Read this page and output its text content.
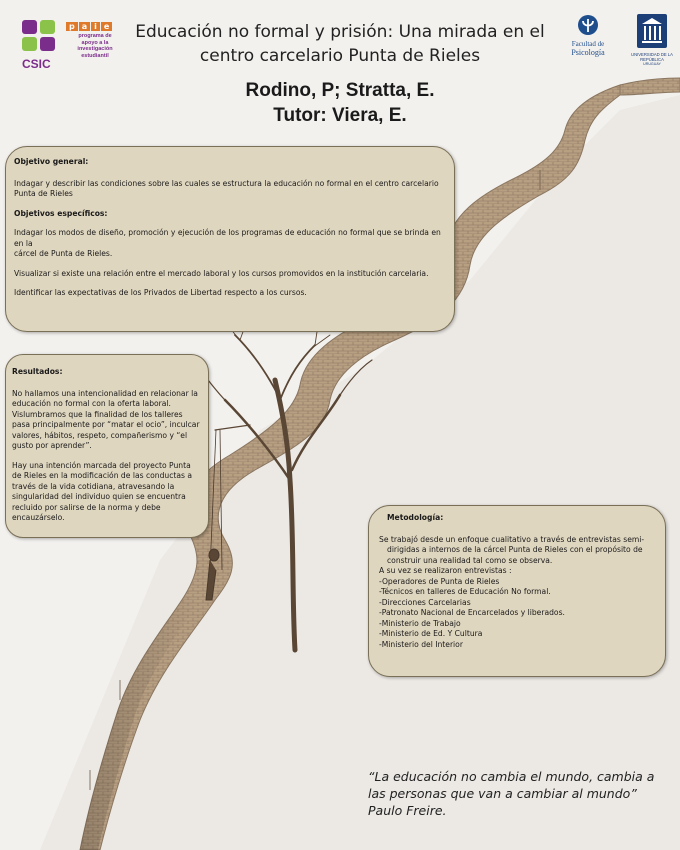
CSIC
p a i e
programa de
apoyo a la
investigación
estudiantil
Facultad de
Psicología	UNIVERSIDAD DE LA REPÚBLICA
URUGUAY
Educación no formal y prisión: Una mirada en el
centro carcelario Punta de Rieles
Rodino, P; Stratta, E.
Tutor: Viera, E.

Objetivo general:

Indagar y describir las condiciones sobre las cuales se estructura la educación no formal en el centro carcelario Punta de Rieles

Objetivos específicos:

Indagar los modos de diseño, promoción y ejecución de los programas de educación no formal que se brinda en en la

cárcel de Punta de Rieles.

Visualizar si existe una relación entre el mercado laboral y los cursos promovidos en la institución carcelaria.

Identificar las expectativas de los Privados de Libertad respecto a los cursos.

Resultados:

No hallamos una intencionalidad en relacionar la educación no formal con la oferta laboral. Vislumbramos que la finalidad de los talleres pasa principalmente por “matar el ocio”, inculcar valores, hábitos, respeto, compañerismo y “el gusto por aprender”.

Hay una intención marcada del proyecto Punta de Rieles en la modificación de las conductas a través de la vida cotidiana, atravesando la singularidad del individuo quien se encuentra recluido por salirse de la norma y debe encauzárselo.	Metodología:

Se trabajó desde un enfoque cualitativo a través de entrevistas semi-
dirigidas a internos de la cárcel Punta de Rieles con el propósito de
construir una realidad tal como se observa.
A su vez se realizaron entrevistas :
-Operadores de Punta de Rieles
-Técnicos en talleres de Educación No formal.
-Direcciones Carcelarias
-Patronato Nacional de Encarcelados y liberados.
-Ministerio de Trabajo
-Ministerio de Ed. Y Cultura
-Ministerio del Interior
“La educación no cambia el mundo, cambia a las personas que van a cambiar al mundo” Paulo Freire.
